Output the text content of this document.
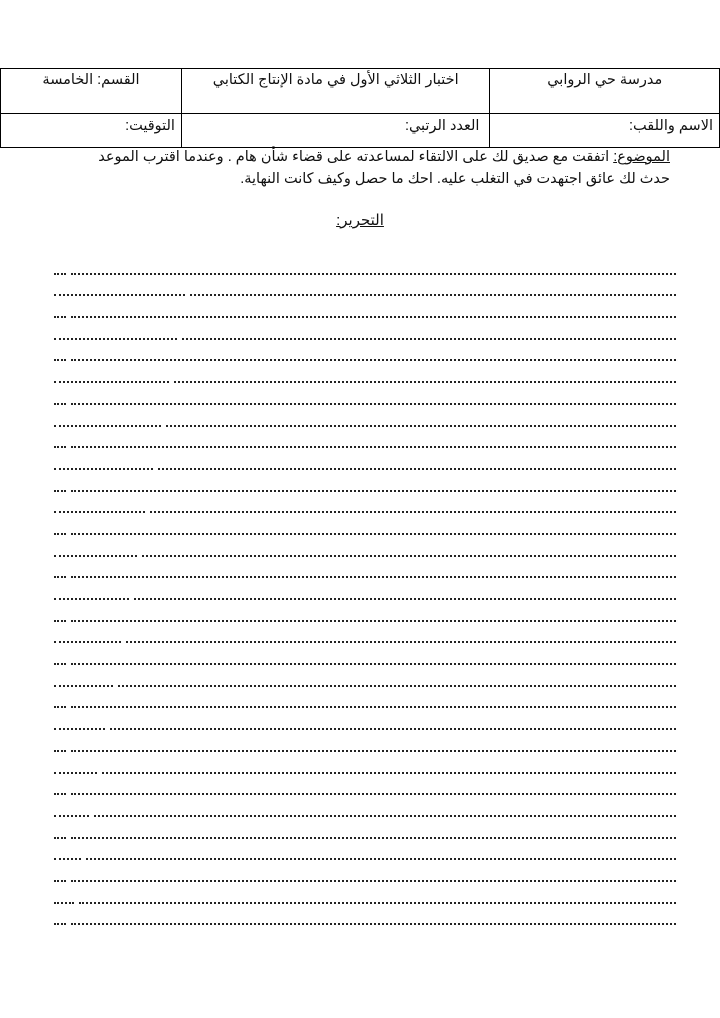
مدرسة حي الروابي	اختبار الثلاثي الأول في مادة الإنتاج الكتابي	القسم: الخامسة
الاسم واللقب:	العدد الرتبي:	التوقيت:
الموضوع: اتفقت مع صديق لك على الالتقاء لمساعدته على قضاء شأن هام . وعندما اقترب الموعد
حدث لك عائق اجتهدت في التغلب عليه. احك ما حصل وكيف كانت النهاية.
التحرير:
